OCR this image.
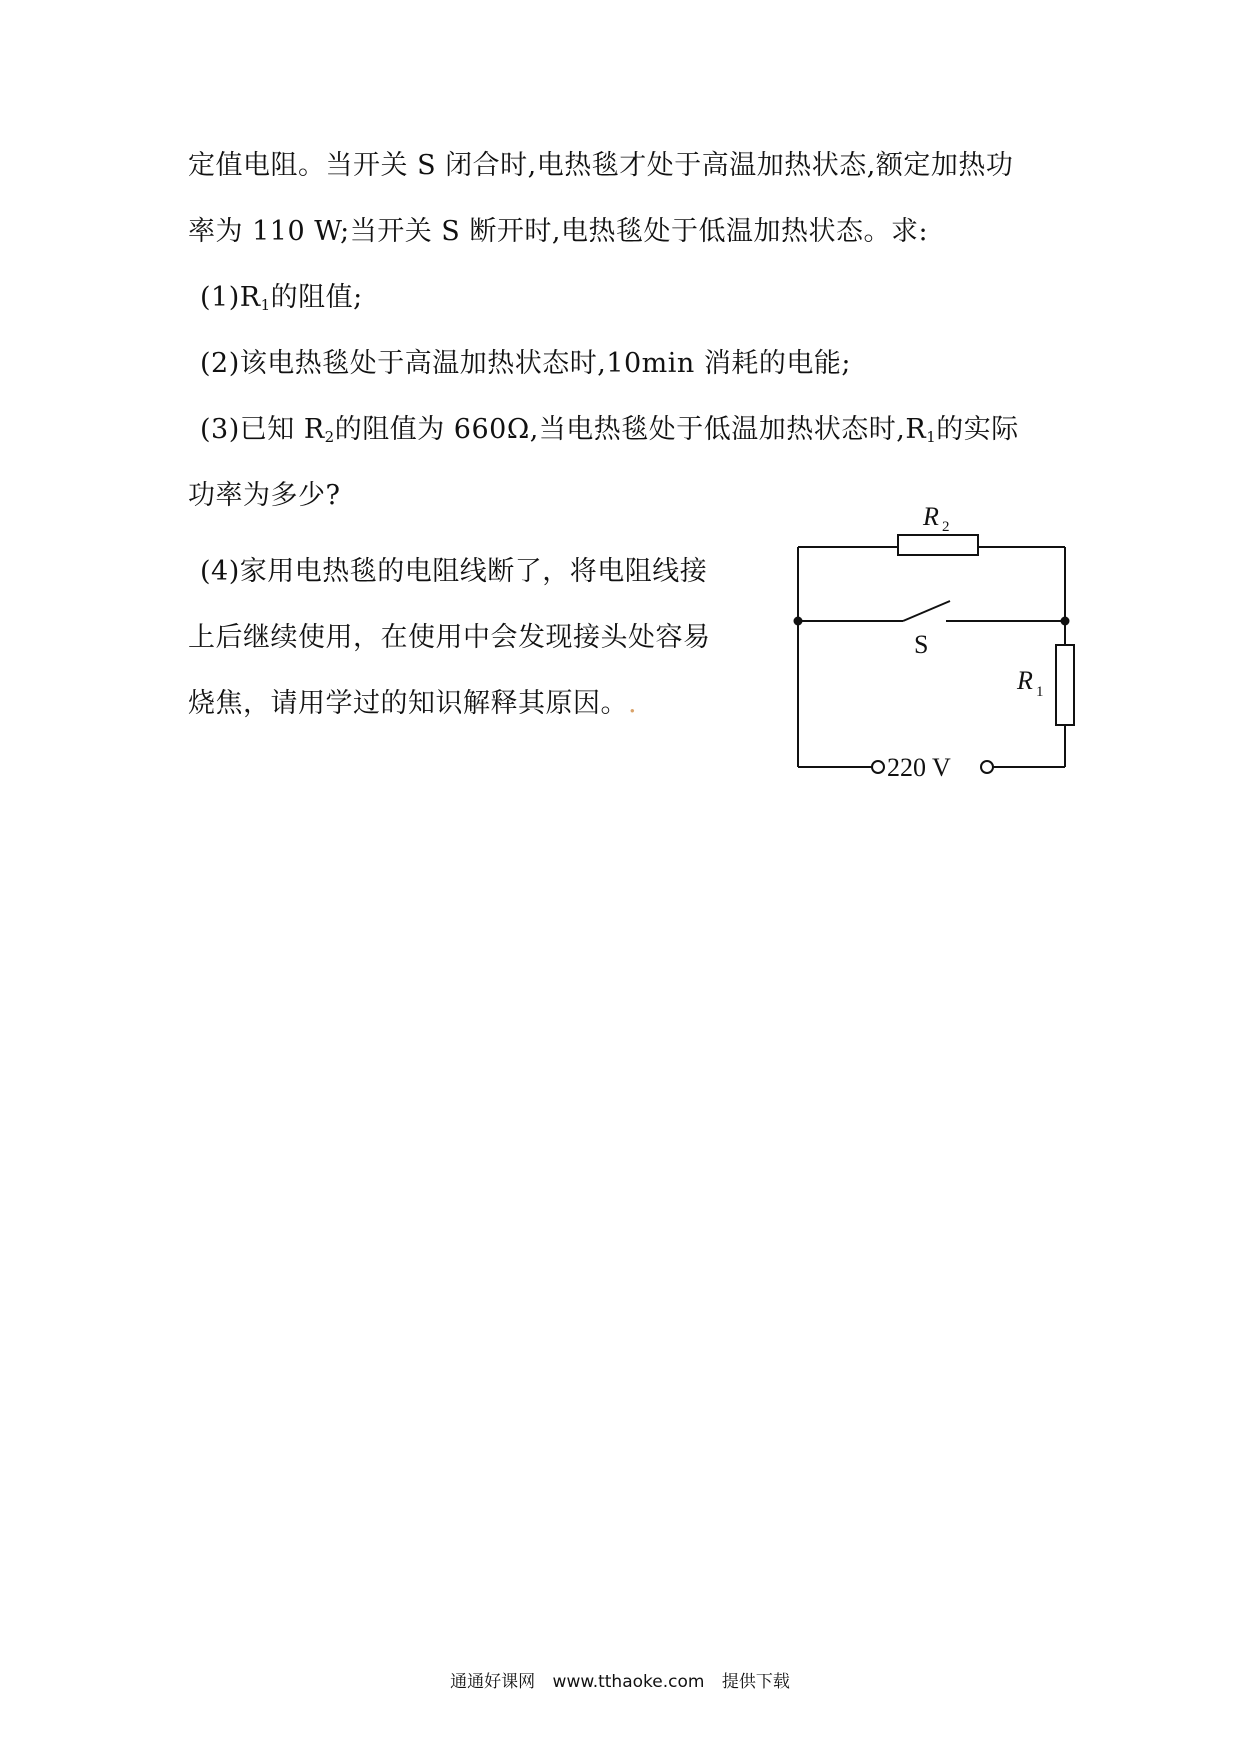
定值电阻。当开关 S 闭合时,电热毯才处于高温加热状态,额定加热功
率为 110 W;当开关 S 断开时,电热毯处于低温加热状态。求:
$(1)R_1$的阻值;
(2)该电热毯处于高温加热状态时,10min 消耗的电能;
(3)已知 $R_2$的阻值为 660Ω,当电热毯处于低温加热状态时$,R_1$的实际
功率为多少?
(4)家用电热毯的电阻线断了，将电阻线接
上后继续使用，在使用中会发现接头处容易
烧焦，请用学过的知识解释其原因。.
R 2
S
R 1
220 V
通通好课网 www.tthaoke.com 提供下载
